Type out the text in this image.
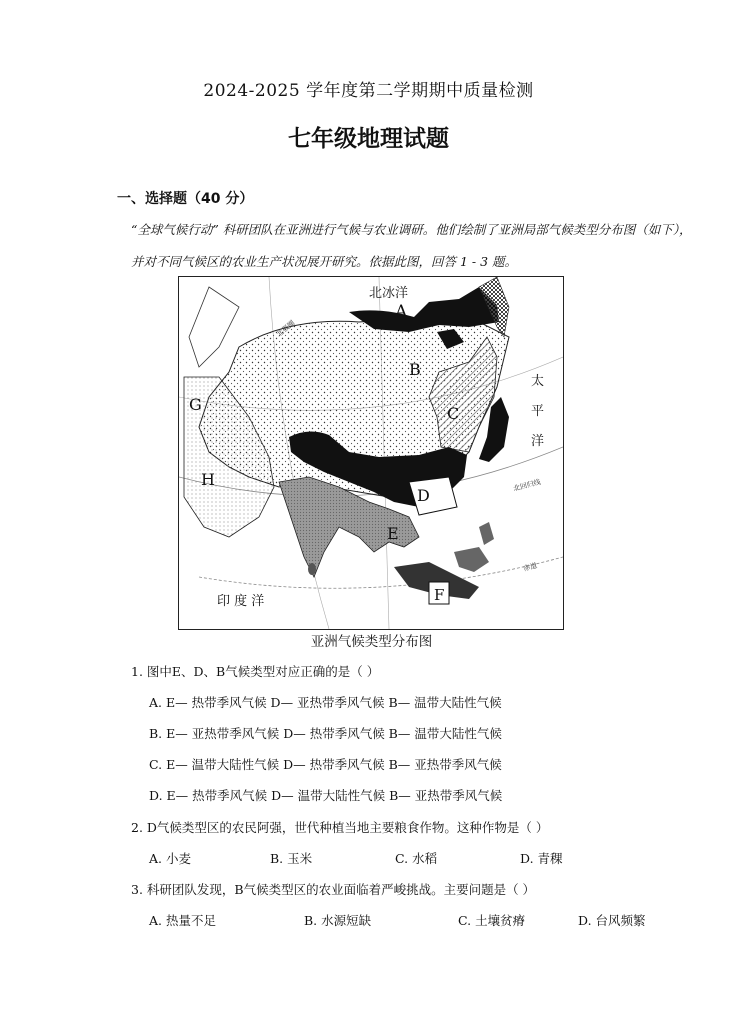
2024-2025 学年度第二学期期中质量检测
七年级地理试题
一、选择题（40 分）
“全球气候行动” 科研团队在亚洲进行气候与农业调研。他们绘制了亚洲局部气候类型分布图（如下），并对不同气候区的农业生产状况展开研究。依据此图，回答 1 - 3 题。
北冰洋
A
B
C
D
E
F
G
H
太
平
洋
印 度 洋
北回归线
赤道
北极圈
亚洲气候类型分布图
1. 图中E、D、B气候类型对应正确的是（ ）
A. E— 热带季风气候 D— 亚热带季风气候 B— 温带大陆性气候
B. E— 亚热带季风气候 D— 热带季风气候 B— 温带大陆性气候
C. E— 温带大陆性气候 D— 热带季风气候 B— 亚热带季风气候
D. E— 热带季风气候 D— 温带大陆性气候 B— 亚热带季风气候
2. D气候类型区的农民阿强，世代种植当地主要粮食作物。这种作物是（ ）
A. 小麦	B. 玉米	C. 水稻	D. 青稞
3. 科研团队发现，B气候类型区的农业面临着严峻挑战。主要问题是（ ）
A. 热量不足	B. 水源短缺	C. 土壤贫瘠	D. 台风频繁
